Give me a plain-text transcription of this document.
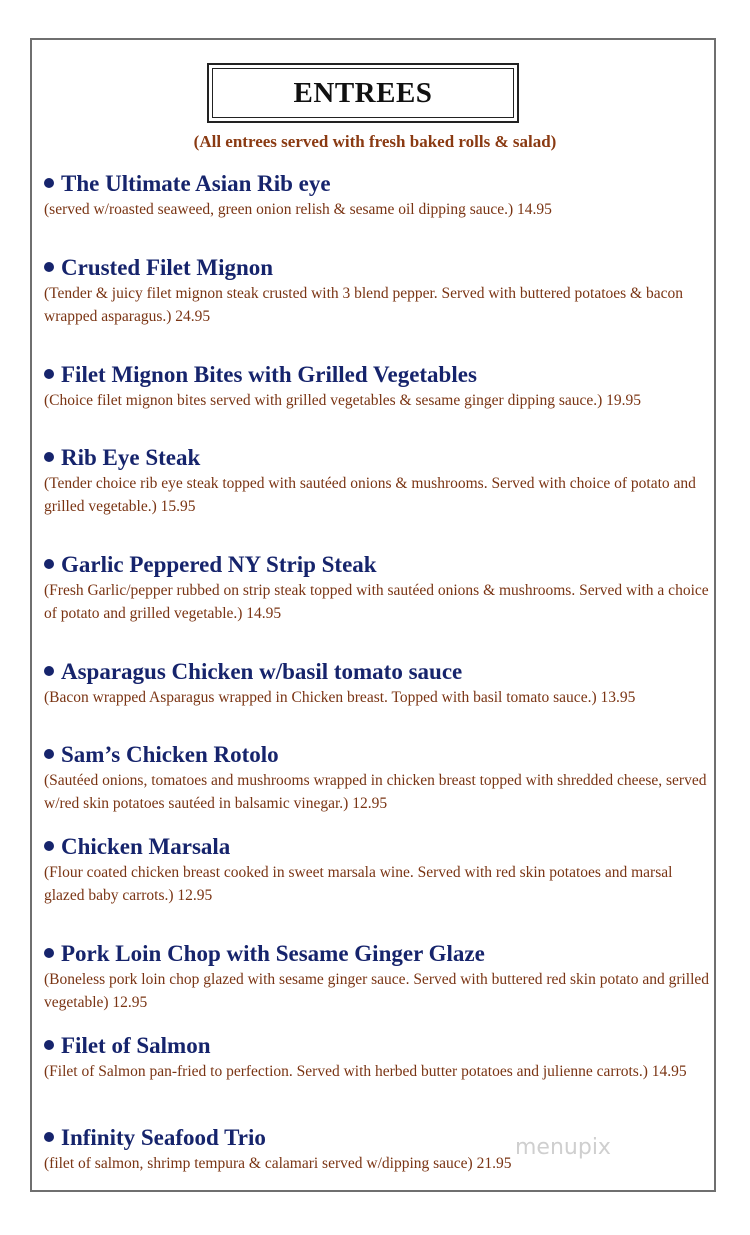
ENTREES
(All entrees served with fresh baked rolls & salad)
The Ultimate Asian Rib eye
(served w/roasted seaweed, green onion relish & sesame oil dipping sauce.) 14.95
Crusted Filet Mignon
(Tender & juicy filet mignon steak crusted with 3 blend pepper. Served with buttered potatoes & bacon wrapped asparagus.) 24.95
Filet Mignon Bites with Grilled Vegetables
(Choice filet mignon bites served with grilled vegetables & sesame ginger dipping sauce.) 19.95
Rib Eye Steak
(Tender choice rib eye steak topped with sautéed onions & mushrooms. Served with choice of potato and grilled vegetable.) 15.95
Garlic Peppered NY Strip Steak
(Fresh Garlic/pepper rubbed on strip steak topped with sautéed onions & mushrooms. Served with a choice of potato and grilled vegetable.) 14.95
Asparagus Chicken w/basil tomato sauce
(Bacon wrapped Asparagus wrapped in Chicken breast. Topped with basil tomato sauce.) 13.95
Sam’s Chicken Rotolo
(Sautéed onions, tomatoes and mushrooms wrapped in chicken breast topped with shredded cheese, served w/red skin potatoes sautéed in balsamic vinegar.) 12.95
Chicken Marsala
(Flour coated chicken breast cooked in sweet marsala wine. Served with red skin potatoes and marsal glazed baby carrots.) 12.95
Pork Loin Chop with Sesame Ginger Glaze
(Boneless pork loin chop glazed with sesame ginger sauce. Served with buttered red skin potato and grilled vegetable) 12.95
Filet of Salmon
(Filet of Salmon pan-fried to perfection. Served with herbed butter potatoes and julienne carrots.) 14.95
Infinity Seafood Trio
(filet of salmon, shrimp tempura & calamari served w/dipping sauce) 21.95
menupix
